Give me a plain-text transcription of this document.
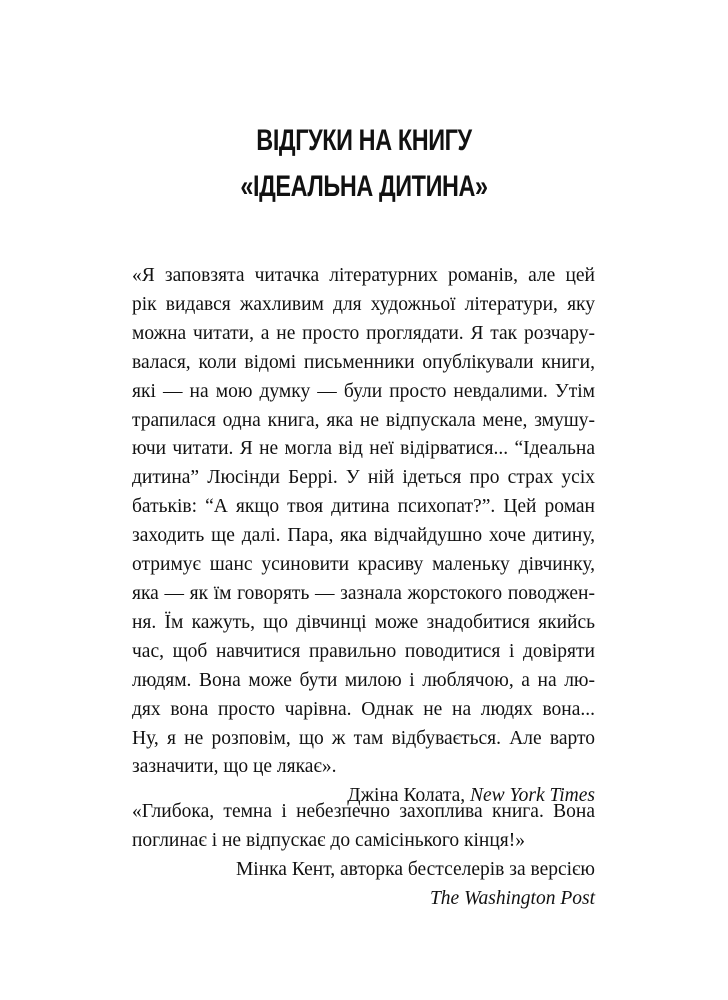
ВІДГУКИ НА КНИГУ
«ІДЕАЛЬНА ДИТИНА»
«Я заповзята читачка літературних романів, але цей
рік видався жахливим для художньої літератури, яку
можна читати, а не просто проглядати. Я так розчару-
валася, коли відомі письменники опублікували книги,
які — на мою думку — були просто невдалими. Утім
трапилася одна книга, яка не відпускала мене, змушу-
ючи читати. Я не могла від неї відірватися... “Ідеальна
дитина” Люсінди Беррі. У ній ідеться про страх усіх
батьків: “А якщо твоя дитина психопат?”. Цей роман
заходить ще далі. Пара, яка відчайдушно хоче дитину,
отримує шанс усиновити красиву маленьку дівчинку,
яка — як їм говорять — зазнала жорстокого поводжен-
ня. Їм кажуть, що дівчинці може знадобитися якийсь
час, щоб навчитися правильно поводитися і довіряти
людям. Вона може бути милою і люблячою, а на лю-
дях вона просто чарівна. Однак не на людях вона...
Ну, я не розповім, що ж там відбувається. Але варто
зазначити, що це лякає».
Джіна Колата, New York Times
«Глибока, темна і небезпечно захоплива книга. Вона
поглинає і не відпускає до самісінького кінця!»
Мінка Кент, авторка бестселерів за версією
The Washington Post
